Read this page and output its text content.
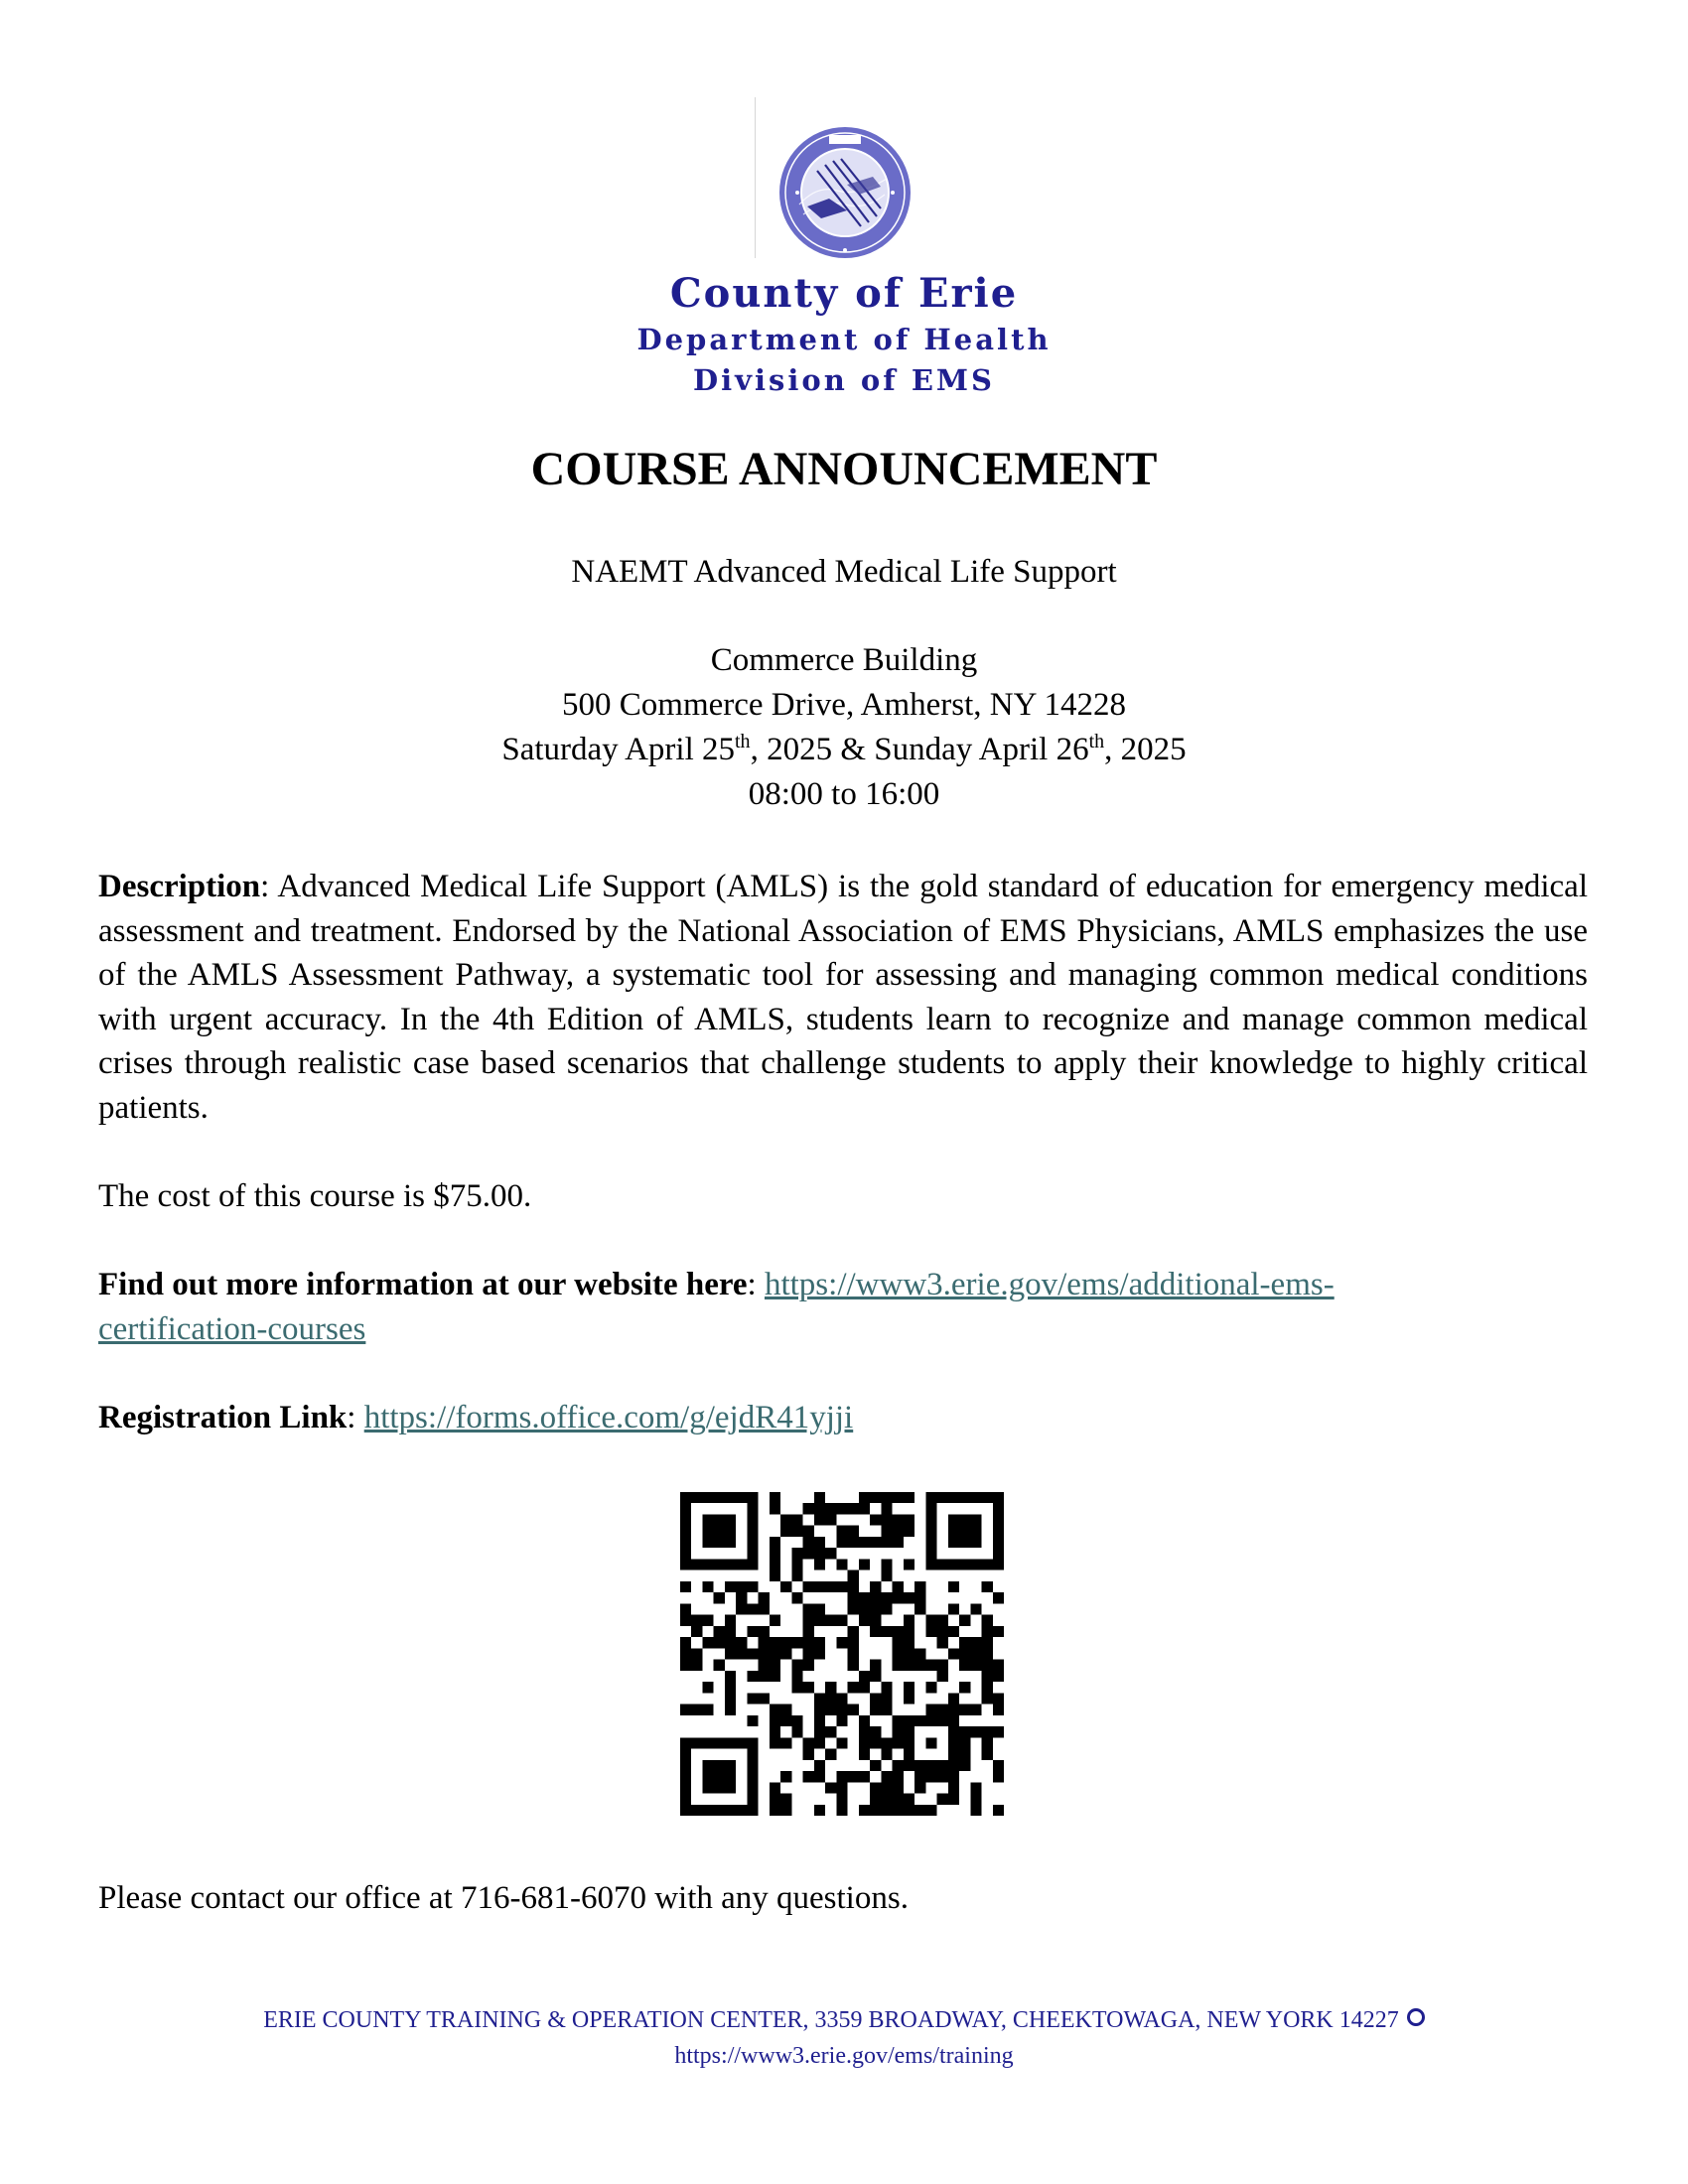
County of Erie
Department of Health
Division of EMS
COURSE ANNOUNCEMENT
NAEMT Advanced Medical Life Support
Commerce Building
500 Commerce Drive, Amherst, NY 14228
Saturday April 25th, 2025 & Sunday April 26th, 2025
08:00 to 16:00
Description: Advanced Medical Life Support (AMLS) is the gold standard of education for emergency medical assessment and treatment. Endorsed by the National Association of EMS Physicians, AMLS emphasizes the use of the AMLS Assessment Pathway, a systematic tool for assessing and managing common medical conditions with urgent accuracy. In the 4th Edition of AMLS, students learn to recognize and manage common medical crises through realistic case based scenarios that challenge students to apply their knowledge to highly critical patients.
The cost of this course is $75.00.
Find out more information at our website here: https://www3.erie.gov/ems/additional-ems-
certification-courses
Registration Link: https://forms.office.com/g/ejdR41yjji
Please contact our office at 716-681-6070 with any questions.
ERIE COUNTY TRAINING & OPERATION CENTER, 3359 BROADWAY, CHEEKTOWAGA, NEW YORK 14227
https://www3.erie.gov/ems/training
